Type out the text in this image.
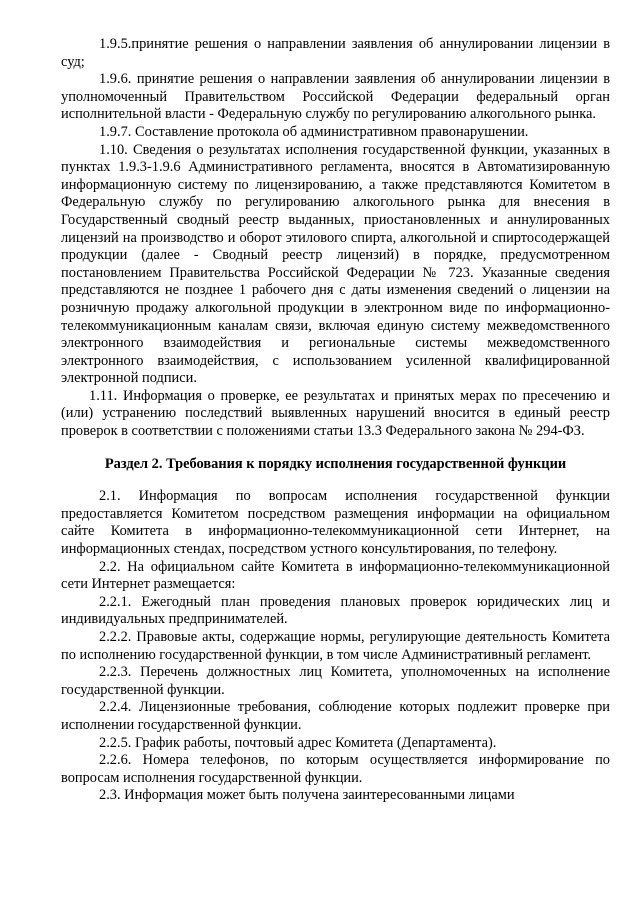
1.9.5.принятие решения о направлении заявления об аннулировании лицензии в суд;

1.9.6. принятие решения о направлении заявления об аннулировании лицензии в уполномоченный Правительством Российской Федерации федеральный орган исполнительной власти - Федеральную службу по регулированию алкогольного рынка.

1.9.7. Составление протокола об административном правонарушении.

1.10. Сведения о результатах исполнения государственной функции, указанных в пунктах 1.9.3-1.9.6 Административного регламента, вносятся в Автоматизированную информационную систему по лицензированию, а также представляются Комитетом в Федеральную службу по регулированию алкогольного рынка для внесения в Государственный сводный реестр выданных, приостановленных и аннулированных лицензий на производство и оборот этилового спирта, алкогольной и спиртосодержащей продукции (далее - Сводный реестр лицензий) в порядке, предусмотренном постановлением Правительства Российской Федерации № 723. Указанные сведения представляются не позднее 1 рабочего дня с даты изменения сведений о лицензии на розничную продажу алкогольной продукции в электронном виде по информационно-телекоммуникационным каналам связи, включая единую систему межведомственного электронного взаимодействия и региональные системы межведомственного электронного взаимодействия, с использованием усиленной квалифицированной электронной подписи.

1.11. Информация о проверке, ее результатах и принятых мерах по пресечению и (или) устранению последствий выявленных нарушений вносится в единый реестр проверок в соответствии с положениями статьи 13.3 Федерального закона № 294-ФЗ.

Раздел 2. Требования к порядку исполнения государственной функции

2.1. Информация по вопросам исполнения государственной функции предоставляется Комитетом посредством размещения информации на официальном сайте Комитета в информационно-телекоммуникационной сети Интернет, на информационных стендах, посредством устного консультирования, по телефону.

2.2. На официальном сайте Комитета в информационно-телекоммуникационной сети Интернет размещается:

2.2.1. Ежегодный план проведения плановых проверок юридических лиц и индивидуальных предпринимателей.

2.2.2. Правовые акты, содержащие нормы, регулирующие деятельность Комитета по исполнению государственной функции, в том числе Административный регламент.

2.2.3. Перечень должностных лиц Комитета, уполномоченных на исполнение государственной функции.

2.2.4. Лицензионные требования, соблюдение которых подлежит проверке при исполнении государственной функции.

2.2.5. График работы, почтовый адрес Комитета (Департамента).

2.2.6. Номера телефонов, по которым осуществляется информирование по вопросам исполнения государственной функции.

2.3. Информация может быть получена заинтересованными лицами
